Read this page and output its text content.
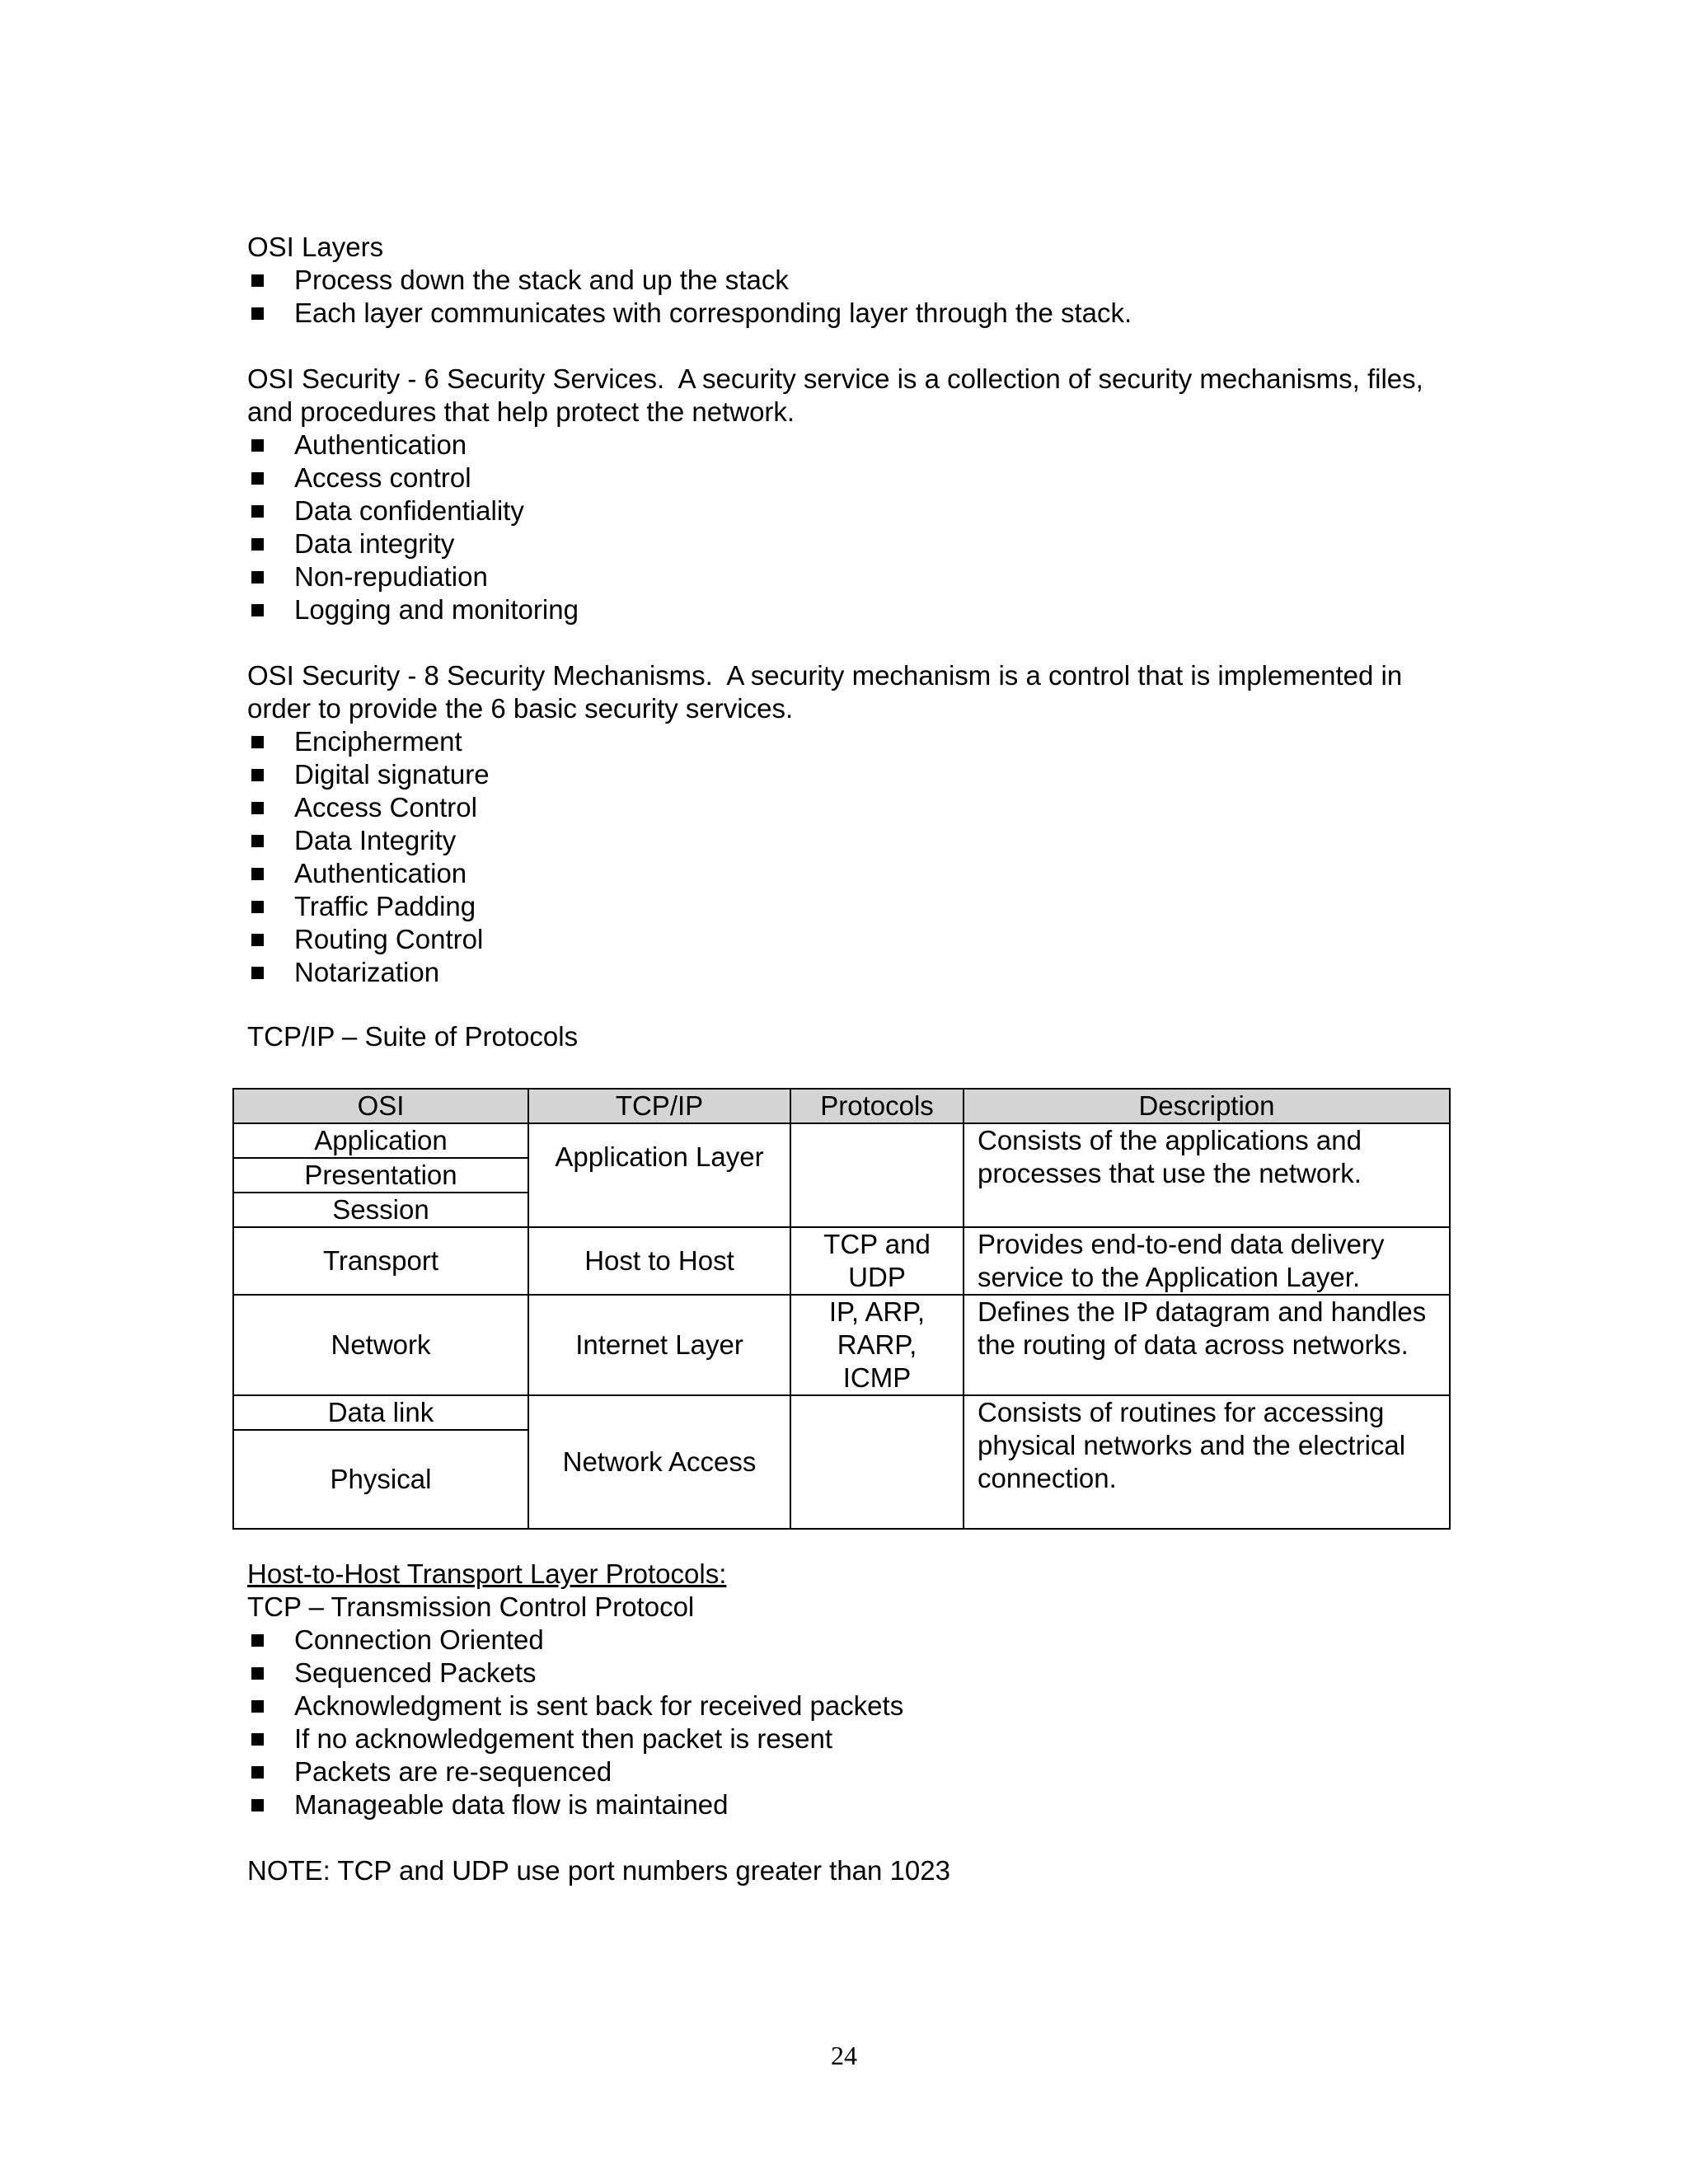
OSI Layers
Process down the stack and up the stack
Each layer communicates with corresponding layer through the stack.
OSI Security - 6 Security Services.  A security service is a collection of security mechanisms, files, and procedures that help protect the network.
Authentication
Access control
Data confidentiality
Data integrity
Non-repudiation
Logging and monitoring
OSI Security - 8 Security Mechanisms.  A security mechanism is a control that is implemented in order to provide the 6 basic security services.
Encipherment
Digital signature
Access Control
Data Integrity
Authentication
Traffic Padding
Routing Control
Notarization
TCP/IP – Suite of Protocols
OSI	TCP/IP	Protocols	Description
Application	Application Layer		Consists of the applications and processes that use the network.
Presentation			
Session			
Transport	Host to Host	TCP and UDP	Provides end-to-end data delivery service to the Application Layer.
Network	Internet Layer	IP, ARP, RARP, ICMP	Defines the IP datagram and handles the routing of data across networks.
Data link	Network Access		Consists of routines for accessing physical networks and the electrical connection.
Physical			
Host-to-Host Transport Layer Protocols:
TCP – Transmission Control Protocol
Connection Oriented
Sequenced Packets
Acknowledgment is sent back for received packets
If no acknowledgement then packet is resent
Packets are re-sequenced
Manageable data flow is maintained
NOTE: TCP and UDP use port numbers greater than 1023
24
